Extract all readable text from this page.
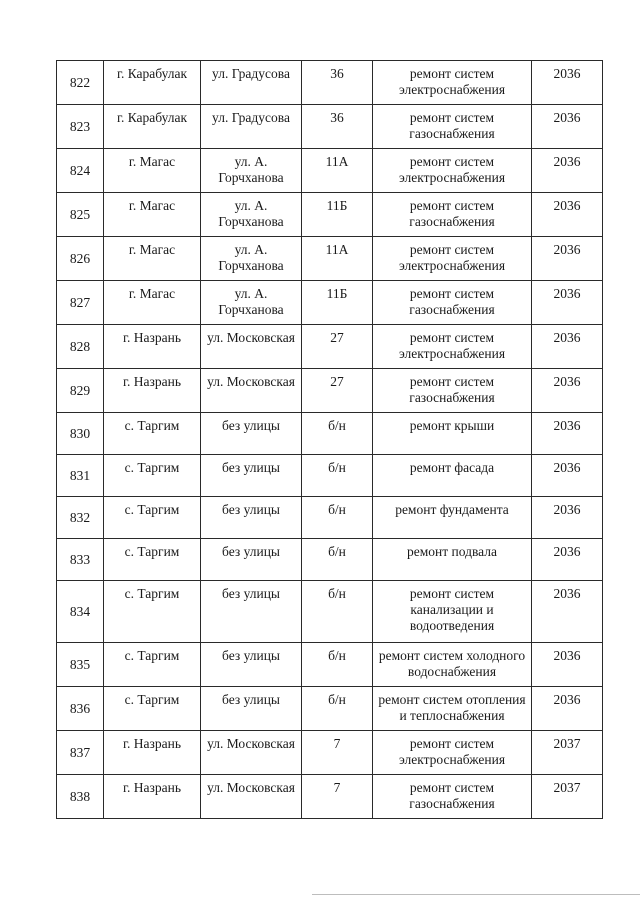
822	г. Карабулак	ул. Градусова	36	ремонт систем электроснабжения	2036
823	г. Карабулак	ул. Градусова	36	ремонт систем газоснабжения	2036
824	г. Магас	ул. А. Горчханова	11А	ремонт систем электроснабжения	2036
825	г. Магас	ул. А. Горчханова	11Б	ремонт систем газоснабжения	2036
826	г. Магас	ул. А. Горчханова	11А	ремонт систем электроснабжения	2036
827	г. Магас	ул. А. Горчханова	11Б	ремонт систем газоснабжения	2036
828	г. Назрань	ул. Московская	27	ремонт систем электроснабжения	2036
829	г. Назрань	ул. Московская	27	ремонт систем газоснабжения	2036
830	с. Таргим	без улицы	б/н	ремонт крыши	2036
831	с. Таргим	без улицы	б/н	ремонт фасада	2036
832	с. Таргим	без улицы	б/н	ремонт фундамента	2036
833	с. Таргим	без улицы	б/н	ремонт подвала	2036
834	с. Таргим	без улицы	б/н	ремонт систем канализации и водоотведения	2036
835	с. Таргим	без улицы	б/н	ремонт систем холодного водоснабжения	2036
836	с. Таргим	без улицы	б/н	ремонт систем отопления и теплоснабжения	2036
837	г. Назрань	ул. Московская	7	ремонт систем электроснабжения	2037
838	г. Назрань	ул. Московская	7	ремонт систем газоснабжения	2037
